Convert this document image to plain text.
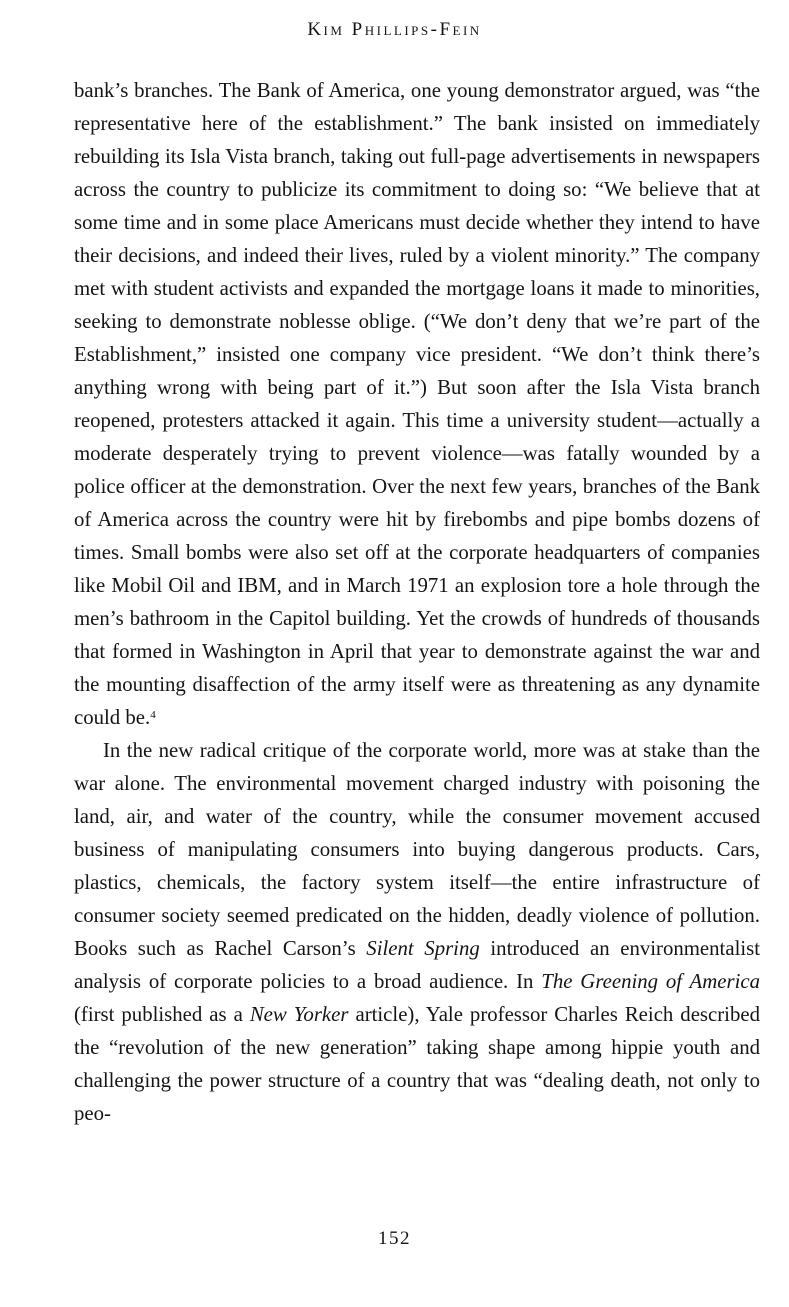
Kim Phillips-Fein

bank’s branches. The Bank of America, one young demonstrator argued, was “the representative here of the establishment.” The bank insisted on immediately rebuilding its Isla Vista branch, taking out full-page advertisements in newspapers across the country to publicize its commitment to doing so: “We believe that at some time and in some place Americans must decide whether they intend to have their decisions, and indeed their lives, ruled by a violent minority.” The company met with student activists and expanded the mortgage loans it made to minorities, seeking to demonstrate noblesse oblige. (“We don’t deny that we’re part of the Establishment,” insisted one company vice president. “We don’t think there’s anything wrong with being part of it.”) But soon after the Isla Vista branch reopened, protesters attacked it again. This time a university student—actually a moderate desperately trying to prevent violence—was fatally wounded by a police officer at the demonstration. Over the next few years, branches of the Bank of America across the country were hit by firebombs and pipe bombs dozens of times. Small bombs were also set off at the corporate headquarters of companies like Mobil Oil and IBM, and in March 1971 an explosion tore a hole through the men’s bathroom in the Capitol building. Yet the crowds of hundreds of thousands that formed in Washington in April that year to demonstrate against the war and the mounting disaffection of the army itself were as threatening as any dynamite could be.$^4$

In the new radical critique of the corporate world, more was at stake than the war alone. The environmental movement charged industry with poisoning the land, air, and water of the country, while the consumer movement accused business of manipulating consumers into buying dangerous products. Cars, plastics, chemicals, the factory system itself—the entire infrastructure of consumer society seemed predicated on the hidden, deadly violence of pollution. Books such as Rachel Carson’s Silent Spring introduced an environmentalist analysis of corporate policies to a broad audience. In The Greening of America (first published as a New Yorker article), Yale professor Charles Reich described the “revolution of the new generation” taking shape among hippie youth and challenging the power structure of a country that was “dealing death, not only to peo-

152
